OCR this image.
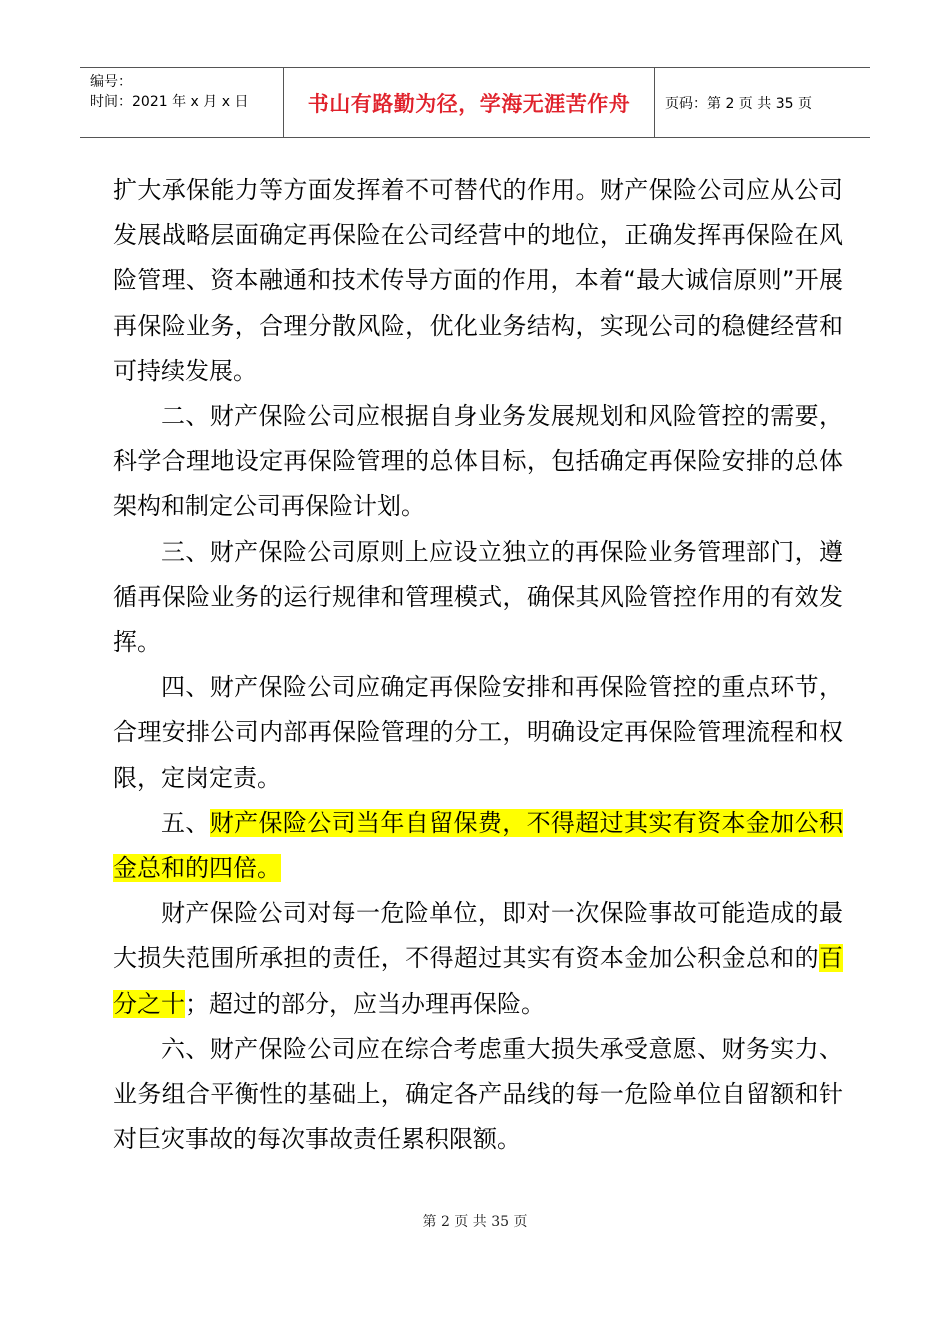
编号：
时间：2021 年 x 月 x 日	书山有路勤为径，学海无涯苦作舟	页码：第 2 页 共 35 页

扩大承保能力等方面发挥着不可替代的作用。财产保险公司应从公司发展战略层面确定再保险在公司经营中的地位，正确发挥再保险在风险管理、资本融通和技术传导方面的作用，本着“最大诚信原则”开展再保险业务，合理分散风险，优化业务结构，实现公司的稳健经营和可持续发展。

二、财产保险公司应根据自身业务发展规划和风险管控的需要，科学合理地设定再保险管理的总体目标，包括确定再保险安排的总体架构和制定公司再保险计划。

三、财产保险公司原则上应设立独立的再保险业务管理部门，遵循再保险业务的运行规律和管理模式，确保其风险管控作用的有效发挥。

四、财产保险公司应确定再保险安排和再保险管控的重点环节，合理安排公司内部再保险管理的分工，明确设定再保险管理流程和权限，定岗定责。

五、财产保险公司当年自留保费，不得超过其实有资本金加公积金总和的四倍。

财产保险公司对每一危险单位，即对一次保险事故可能造成的最大损失范围所承担的责任，不得超过其实有资本金加公积金总和的百分之十；超过的部分，应当办理再保险。

六、财产保险公司应在综合考虑重大损失承受意愿、财务实力、业务组合平衡性的基础上，确定各产品线的每一危险单位自留额和针对巨灾事故的每次事故责任累积限额。

第 2 页 共 35 页
